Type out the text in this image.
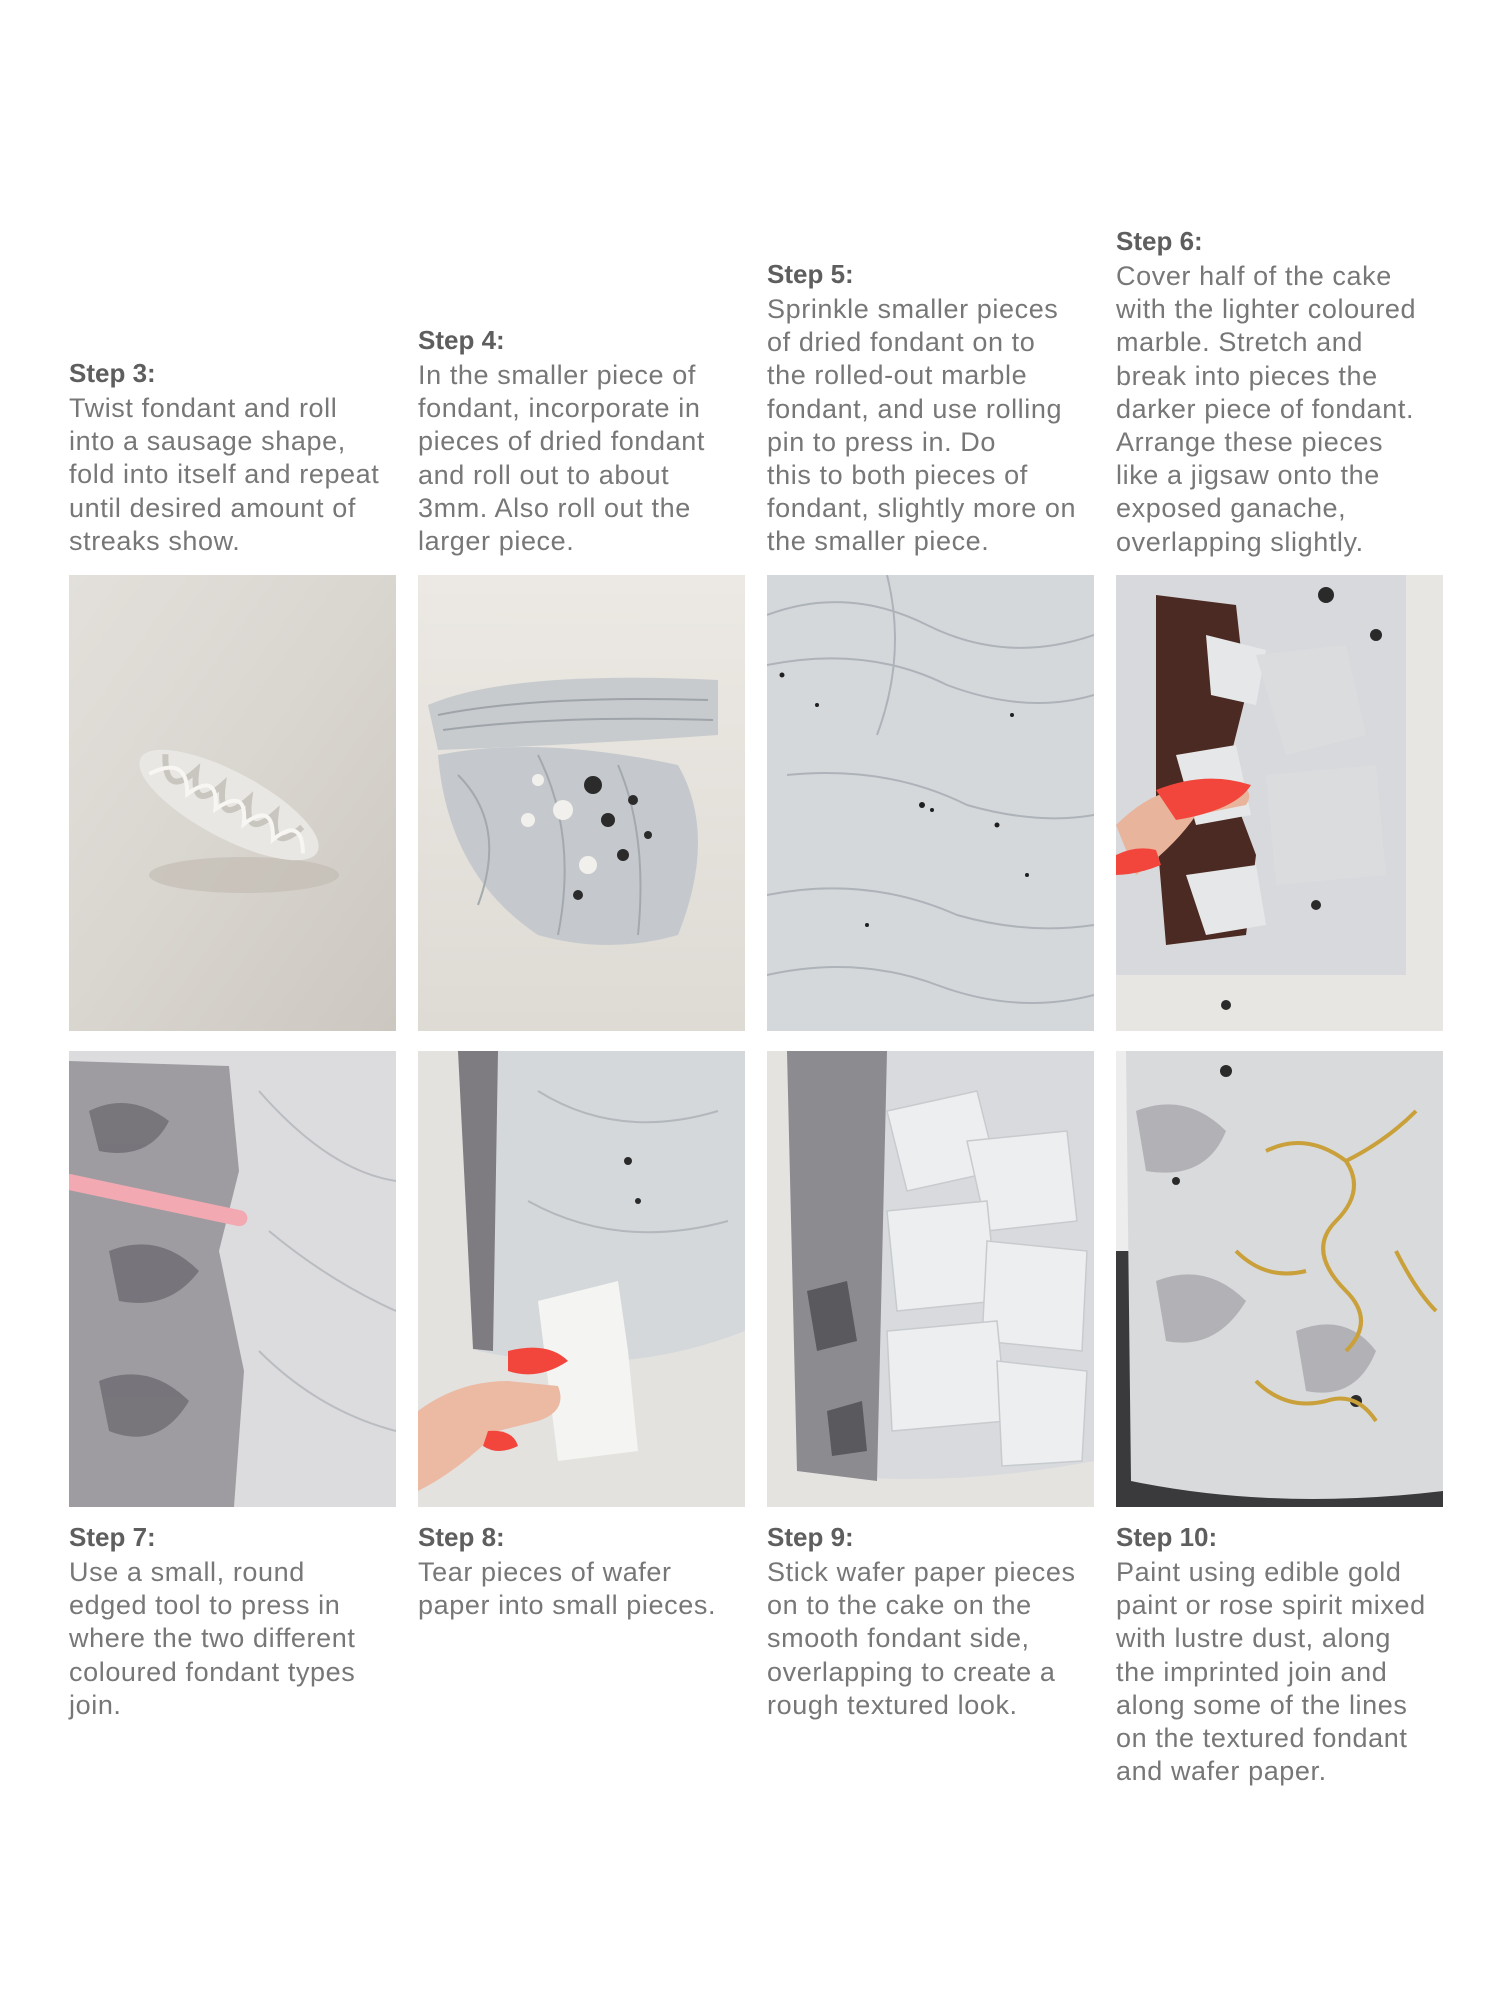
Step 3:

Twist fondant and roll
into a sausage shape,
fold into itself and repeat
until desired amount of
streaks show.

Step 4:

In the smaller piece of
fondant, incorporate in
pieces of dried fondant
and roll out to about
3mm. Also roll out the
larger piece.

Step 5:

Sprinkle smaller pieces
of dried fondant on to
the rolled-out marble
fondant, and use rolling
pin to press in. Do
this to both pieces of
fondant, slightly more on
the smaller piece.

Step 6:

Cover half of the cake
with the lighter coloured
marble. Stretch and
break into pieces the
darker piece of fondant.
Arrange these pieces
like a jigsaw onto the
exposed ganache,
overlapping slightly.

Step 7:

Use a small, round
edged tool to press in
where the two different
coloured fondant types
join.

Step 8:

Tear pieces of wafer
paper into small pieces.

Step 9:

Stick wafer paper pieces
on to the cake on the
smooth fondant side,
overlapping to create a
rough textured look.

Step 10:

Paint using edible gold
paint or rose spirit mixed
with lustre dust, along
the imprinted join and
along some of the lines
on the textured fondant
and wafer paper.
